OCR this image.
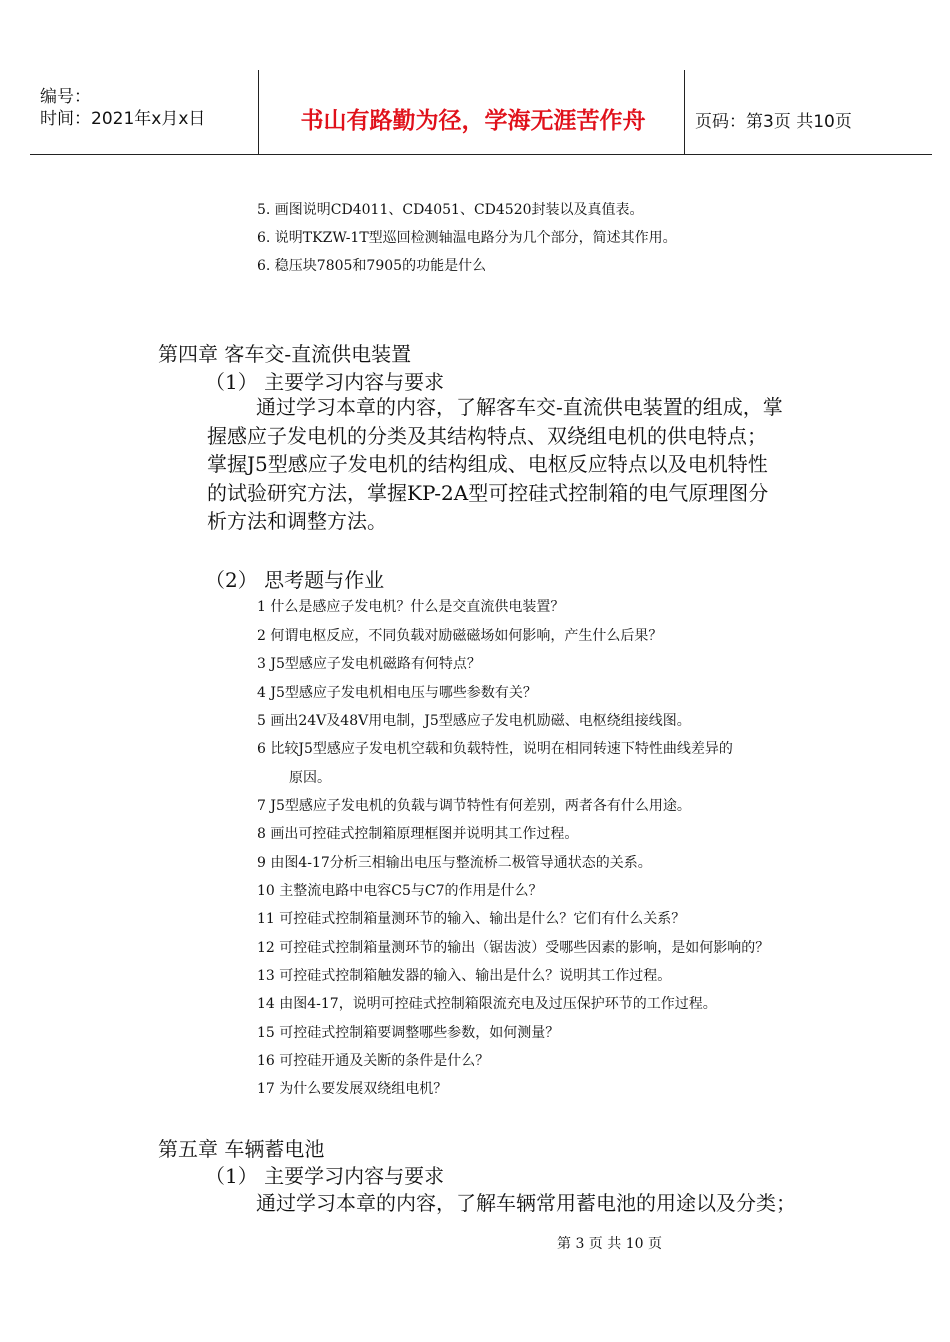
编号：
时间：2021年x月x日	书山有路勤为径，学海无涯苦作舟	页码：第3页 共10页
5. 画图说明CD4011、CD4051、CD4520封装以及真值表。
6. 说明TKZW-1T型巡回检测轴温电路分为几个部分，简述其作用。
6. 稳压块7805和7905的功能是什么
第四章 客车交-直流供电装置
（1） 主要学习内容与要求
通过学习本章的内容，了解客车交-直流供电装置的组成，掌
握感应子发电机的分类及其结构特点、双绕组电机的供电特点；
掌握J5型感应子发电机的结构组成、电枢反应特点以及电机特性
的试验研究方法，掌握KP-2A型可控硅式控制箱的电气原理图分
析方法和调整方法。
（2） 思考题与作业
1 什么是感应子发电机？什么是交直流供电装置？
2 何谓电枢反应，不同负载对励磁磁场如何影响，产生什么后果？
3 J5型感应子发电机磁路有何特点？
4 J5型感应子发电机相电压与哪些参数有关？
5 画出24V及48V用电制，J5型感应子发电机励磁、电枢绕组接线图。
6 比较J5型感应子发电机空载和负载特性，说明在相同转速下特性曲线差异的
原因。
7 J5型感应子发电机的负载与调节特性有何差别，两者各有什么用途。
8 画出可控硅式控制箱原理框图并说明其工作过程。
9 由图4-17分析三相输出电压与整流桥二极管导通状态的关系。
10 主整流电路中电容C5与C7的作用是什么？
11 可控硅式控制箱量测环节的输入、输出是什么？它们有什么关系？
12 可控硅式控制箱量测环节的输出（锯齿波）受哪些因素的影响，是如何影响的？
13 可控硅式控制箱触发器的输入、输出是什么？说明其工作过程。
14 由图4-17，说明可控硅式控制箱限流充电及过压保护环节的工作过程。
15 可控硅式控制箱要调整哪些参数，如何测量？
16 可控硅开通及关断的条件是什么？
17 为什么要发展双绕组电机？
第五章 车辆蓄电池
（1） 主要学习内容与要求
通过学习本章的内容，了解车辆常用蓄电池的用途以及分类；
第 3 页 共 10 页
